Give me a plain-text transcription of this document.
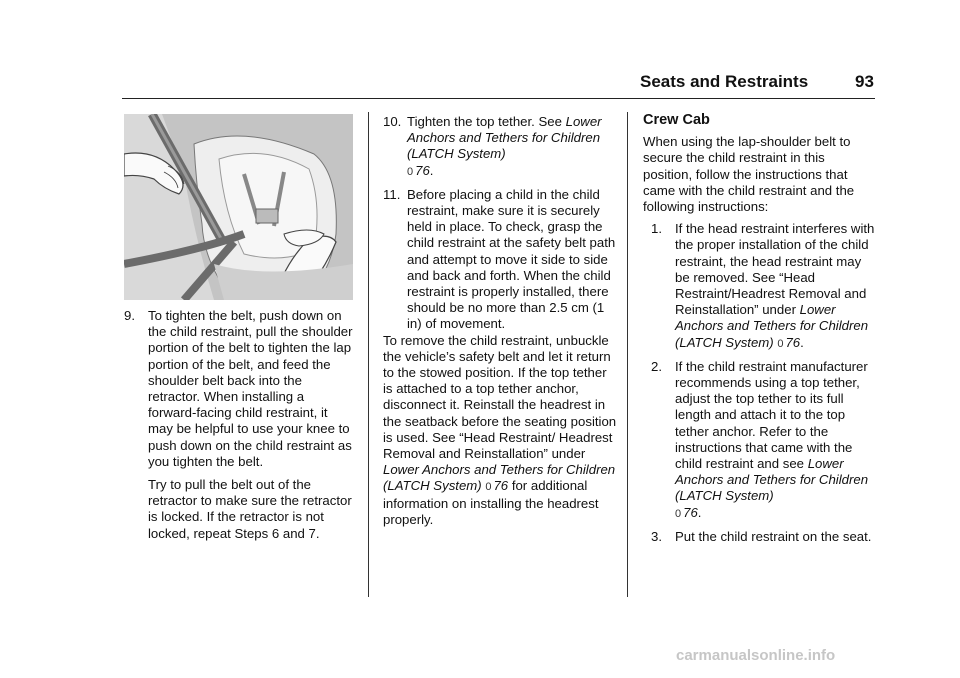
Seats and Restraints	93
9. To tighten the belt, push down on the child restraint, pull the shoulder portion of the belt to tighten the lap portion of the belt, and feed the shoulder belt back into the retractor. When installing a forward-facing child restraint, it may be helpful to use your knee to push down on the child restraint as you tighten the belt.

Try to pull the belt out of the retractor to make sure the retractor is locked. If the retractor is not locked, repeat Steps 6 and 7.

10. Tighten the top tether. See Lower Anchors and Tethers for Children (LATCH System)
0 76.

11. Before placing a child in the child restraint, make sure it is securely held in place. To check, grasp the child restraint at the safety belt path and attempt to move it side to side and back and forth. When the child restraint is properly installed, there should be no more than 2.5 cm (1 in) of movement.

To remove the child restraint, unbuckle the vehicle’s safety belt and let it return to the stowed position. If the top tether is attached to a top tether anchor, disconnect it. Reinstall the headrest in the seatback before the seating position is used. See “Head Restraint/ Headrest Removal and Reinstallation” under Lower Anchors and Tethers for Children (LATCH System) 0 76 for additional information on installing the headrest properly.

Crew Cab

When using the lap-shoulder belt to secure the child restraint in this position, follow the instructions that came with the child restraint and the following instructions:

1. If the head restraint interferes with the proper installation of the child restraint, the head restraint may be removed. See “Head Restraint/Headrest Removal and Reinstallation” under Lower Anchors and Tethers for Children (LATCH System) 0 76.

2. If the child restraint manufacturer recommends using a top tether, adjust the top tether to its full length and attach it to the top tether anchor. Refer to the instructions that came with the child restraint and see Lower Anchors and Tethers for Children (LATCH System)
0 76.

3. Put the child restraint on the seat.

carmanualsonline.info
